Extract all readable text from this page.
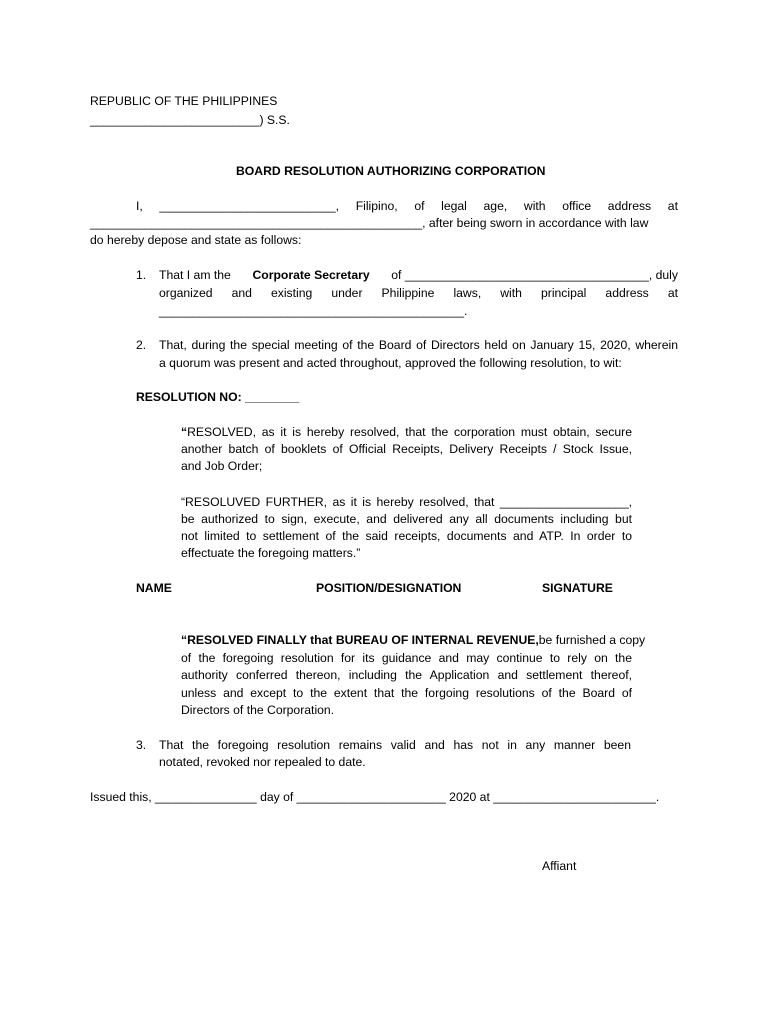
REPUBLIC OF THE PHILIPPINES
_________________________) S.S.
BOARD RESOLUTION AUTHORIZING CORPORATION
I, __________________________, Filipino, of legal age, with office address at
_________________________________________________, after being sworn in accordance with law
do hereby depose and state as follows:
1. That I am the Corporate Secretary of ____________________________________, duly
organized and existing under Philippine laws, with principal address at
_____________________________________________.
2. That, during the special meeting of the Board of Directors held on January 15, 2020, wherein
a quorum was present and acted throughout, approved the following resolution, to wit:
RESOLUTION NO: ________
“ RESOLVED, as it is hereby resolved, that the corporation must obtain, secure
another batch of booklets of Official Receipts, Delivery Receipts / Stock Issue,
and Job Order;
“RESOLUVED FURTHER, as it is hereby resolved, that ___________________,
be authorized to sign, execute, and delivered any all documents including but
not limited to settlement of the said receipts, documents and ATP. In order to
effectuate the foregoing matters.”
NAME	POSITION/DESIGNATION	SIGNATURE
“RESOLVED FINALLY that BUREAU OF INTERNAL REVENUE, be furnished a copy
of the foregoing resolution for its guidance and may continue to rely on the
authority conferred thereon, including the Application and settlement thereof,
unless and except to the extent that the forgoing resolutions of the Board of
Directors of the Corporation.
3. That the foregoing resolution remains valid and has not in any manner been
notated, revoked nor repealed to date.
Issued this, _______________ day of ______________________ 2020 at ________________________.
Affiant
